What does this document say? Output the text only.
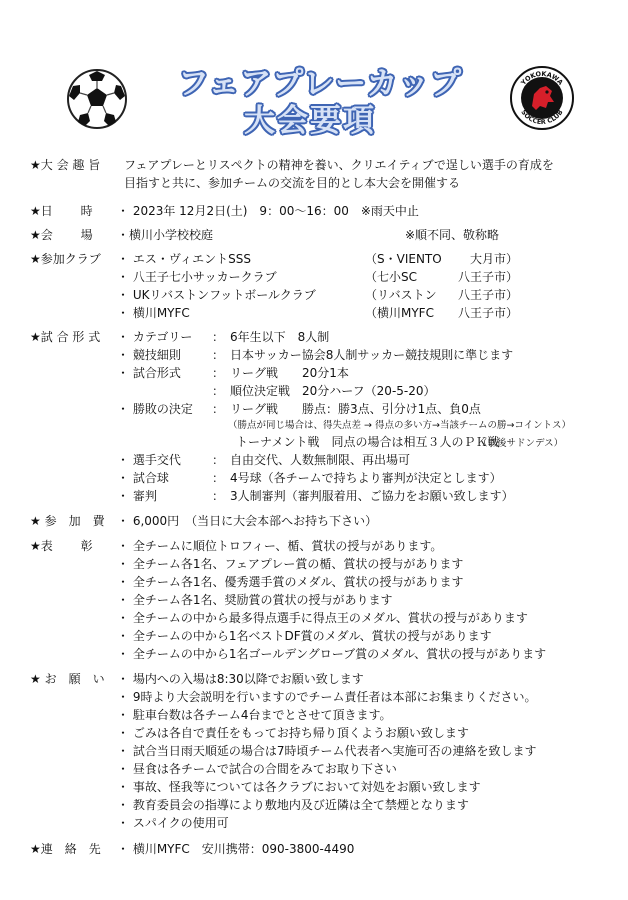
YOKOKAWA
SOCCER CLUB
フェアプレーカップ
大会要項
★大 会 趣 旨 フェアプレーとリスペクトの精神を養い、クリエイティブで逞しい選手の育成を
目指すと共に、参加チームの交流を目的とし本大会を開催する
★日　　 時 ・ 2023年 12月2日(土)　9：00〜16：00　※雨天中止
★会　　 場 ・横川小学校校庭	※順不同、敬称略
★参加クラブ ・ エス・ヴィエントSSS	（S・VIENTO 大月市）
・ 八王子七小サッカークラブ	（七小SC	八王子市）
・ UKリバストンフットボールクラブ	（リバストン 八王子市）
・ 横川MYFC	（横川MYFC 八王子市）
★試 合 形 式 ・ カテゴリー ：　6年生以下　8人制
・ 競技細則	：　日本サッカー協会8人制サッカー競技規則に準じます
・ 試合形式	：　リーグ戦　　20分1本
：　順位決定戦　20分ハーフ（20-5-20）
・ 勝敗の決定 ：　リーグ戦　　勝点：勝3点、引分け1点、負0点
（勝点が同じ場合は、得失点差 → 得点の多い方→当該チームの勝→コイントス）
トーナメント戦　同点の場合は相互３人のＰＫ戦
（以後サドンデス）
・ 選手交代	：　自由交代、人数無制限、再出場可
・ 試合球	：　4号球（各チームで持ちより審判が決定とします）
・ 審判	：　3人制審判（審判服着用、ご協力をお願い致します）
★ 参　加　費 ・ 6,000円　（当日に大会本部へお持ち下さい）
★表　　 彰 ・ 全チームに順位トロフィー、楯、賞状の授与があります。
・ 全チーム各1名、フェアプレー賞の楯、賞状の授与があります
・ 全チーム各1名、優秀選手賞のメダル、賞状の授与があります
・ 全チーム各1名、奨励賞の賞状の授与があります
・ 全チームの中から最多得点選手に得点王のメダル、賞状の授与があります
・ 全チームの中から1名ベストDF賞のメダル、賞状の授与があります
・ 全チームの中から1名ゴールデングローブ賞のメダル、賞状の授与があります
★ お　願　い ・ 場内への入場は8:30以降でお願い致します
・ 9時より大会説明を行いますのでチーム責任者は本部にお集まりください。
・ 駐車台数は各チーム4台までとさせて頂きます。
・ ごみは各自で責任をもってお持ち帰り頂くようお願い致します
・ 試合当日雨天順延の場合は7時頃チーム代表者へ実施可否の連絡を致します
・ 昼食は各チームで試合の合間をみてお取り下さい
・ 事故、怪我等については各クラブにおいて対処をお願い致します
・ 教育委員会の指導により敷地内及び近隣は全て禁煙となります
・ スパイクの使用可
★連　絡　先 ・ 横川MYFC　安川携帯：090-3800-4490
